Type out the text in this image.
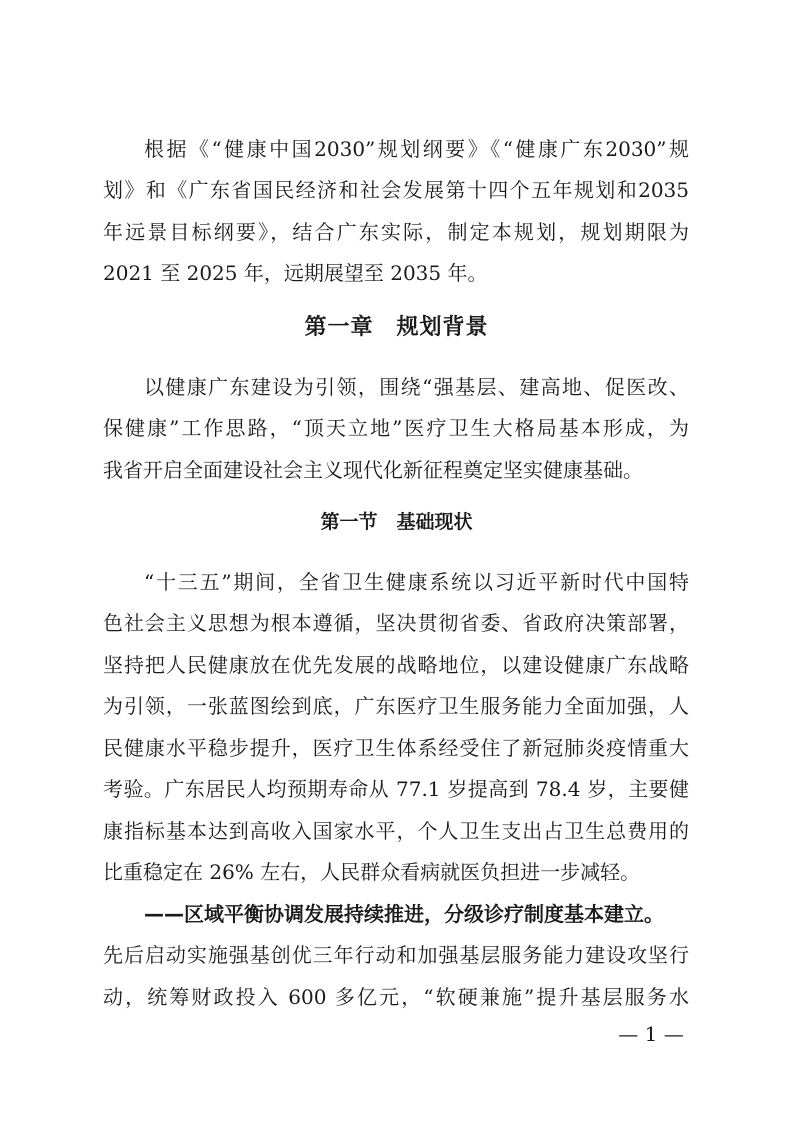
根据《“健康中国2030”规划纲要》《“健康广东2030”规
划》和《广东省国民经济和社会发展第十四个五年规划和2035
年远景目标纲要》，结合广东实际，制定本规划，规划期限为
2021 至 2025 年，远期展望至 2035 年。
第一章　规划背景
以健康广东建设为引领，围绕“强基层、建高地、促医改、
保健康”工作思路，“顶天立地”医疗卫生大格局基本形成，为
我省开启全面建设社会主义现代化新征程奠定坚实健康基础。
第一节　基础现状
“十三五”期间，全省卫生健康系统以习近平新时代中国特
色社会主义思想为根本遵循，坚决贯彻省委、省政府决策部署，
坚持把人民健康放在优先发展的战略地位，以建设健康广东战略
为引领，一张蓝图绘到底，广东医疗卫生服务能力全面加强，人
民健康水平稳步提升，医疗卫生体系经受住了新冠肺炎疫情重大
考验。广东居民人均预期寿命从 77.1 岁提高到 78.4 岁，主要健
康指标基本达到高收入国家水平，个人卫生支出占卫生总费用的
比重稳定在 26% 左右，人民群众看病就医负担进一步减轻。
——区域平衡协调发展持续推进，分级诊疗制度基本建立。
先后启动实施强基创优三年行动和加强基层服务能力建设攻坚行
动，统筹财政投入 600 多亿元，“软硬兼施”提升基层服务水
— 1 —
